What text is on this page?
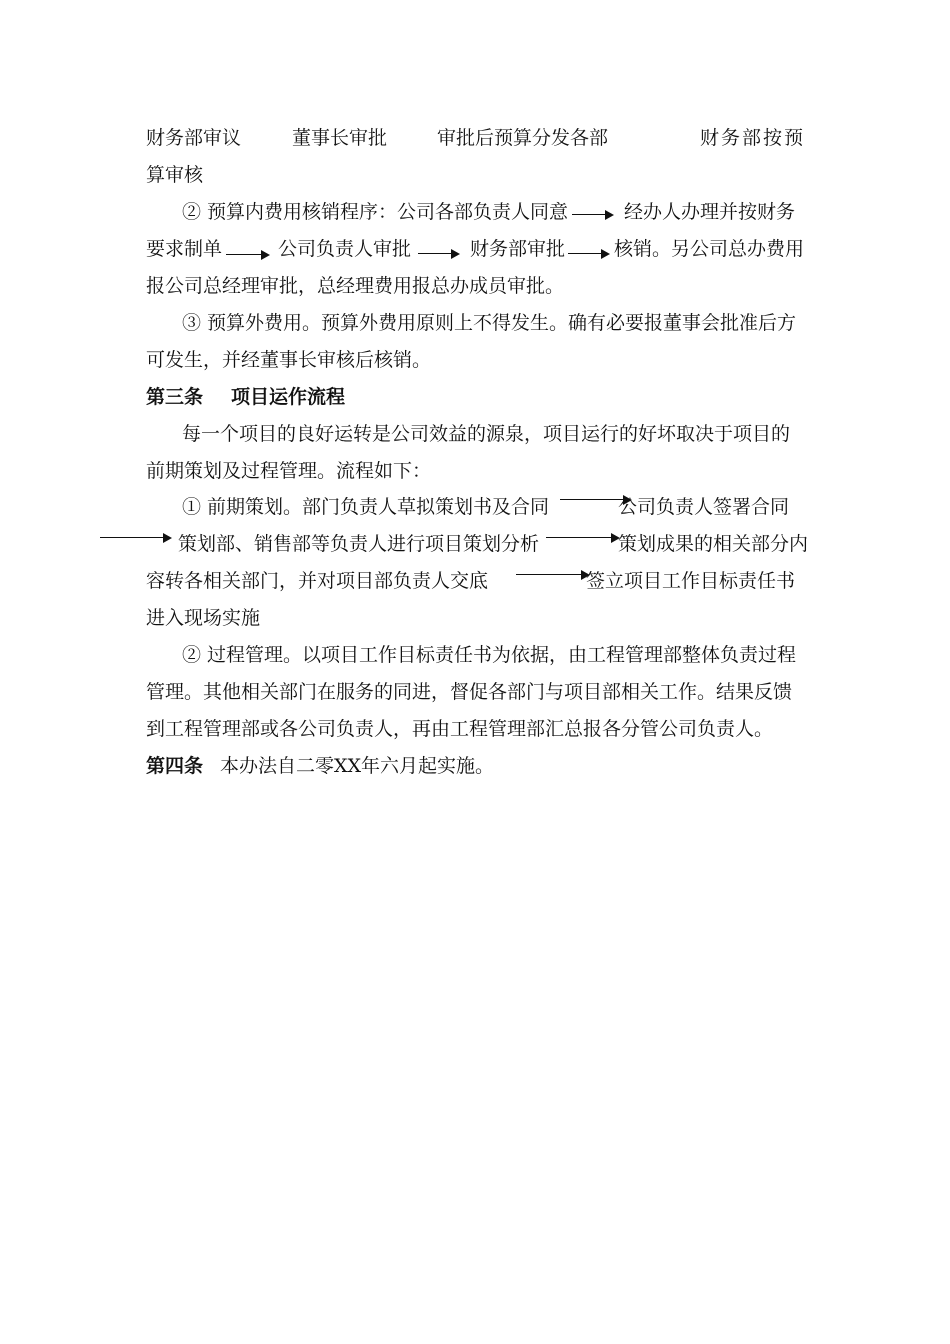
财务部审议	董事长审批	审批后预算分发各部	财务部按预
算审核
② 预算内费用核销程序：公司各部负责人同意	经办人办理并按财务
要求制单	公司负责人审批	财务部审批	核销。另公司总办费用
报公司总经理审批，总经理费用报总办成员审批。
③ 预算外费用。预算外费用原则上不得发生。确有必要报董事会批准后方
可发生，并经董事长审核后核销。
第三条 项目运作流程
每一个项目的良好运转是公司效益的源泉，项目运行的好坏取决于项目的
前期策划及过程管理。流程如下：
① 前期策划。部门负责人草拟策划书及合同	公司负责人签署合同
策划部、销售部等负责人进行项目策划分析	策划成果的相关部分内
容转各相关部门，并对项目部负责人交底	签立项目工作目标责任书
进入现场实施
② 过程管理。以项目工作目标责任书为依据，由工程管理部整体负责过程
管理。其他相关部门在服务的同进，督促各部门与项目部相关工作。结果反馈
到工程管理部或各公司负责人，再由工程管理部汇总报各分管公司负责人。
第四条 本办法自二零XX年六月起实施。
